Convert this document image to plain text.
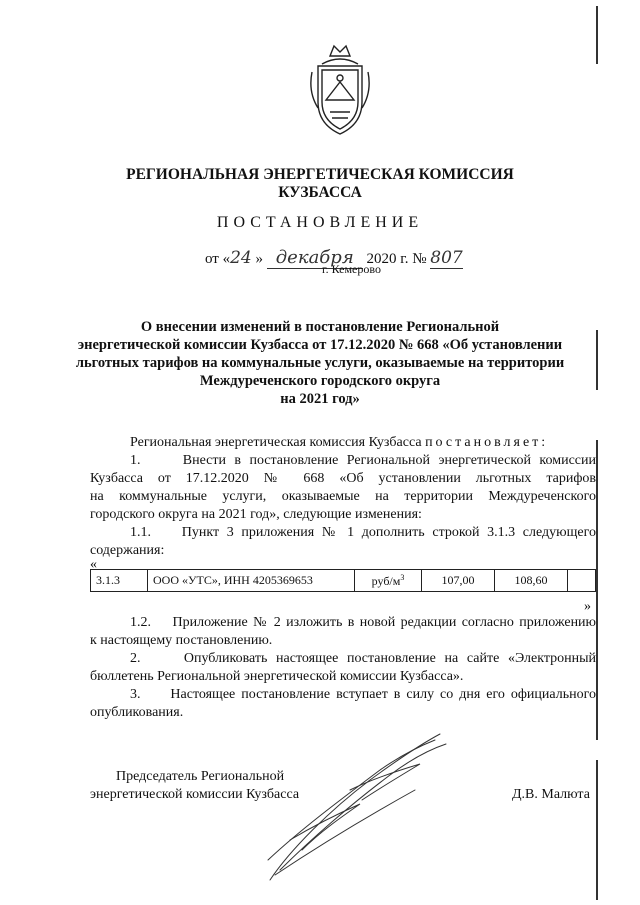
РЕГИОНАЛЬНАЯ ЭНЕРГЕТИЧЕСКАЯ КОМИССИЯ
КУЗБАССА
ПОСТАНОВЛЕНИЕ
от «24 » декабря 2020 г. № 807
г. Кемерово
О внесении изменений в постановление Региональной
энергетической комиссии Кузбасса от 17.12.2020 № 668 «Об установлении
льготных тарифов на коммунальные услуги, оказываемые на территории
Междуреченского городского округа
на 2021 год»
Региональная энергетическая комиссия Кузбасса постановляет:
1.	Внести в постановление Региональной энергетической комиссии
Кузбасса от 17.12.2020 № 668 «Об установлении льготных тарифов
на коммунальные услуги, оказываемые на территории Междуреченского
городского округа на 2021 год», следующие изменения:
1.1. Пункт 3 приложения № 1 дополнить строкой 3.1.3 следующего
содержания:
«
3.1.3	ООО «УТС», ИНН 4205369653	руб/$м^3$	107,00	108,60	
»
1.2. Приложение № 2 изложить в новой редакции согласно приложению
к настоящему постановлению.
2.	Опубликовать настоящее постановление на сайте «Электронный
бюллетень Региональной энергетической комиссии Кузбасса».
3. Настоящее постановление вступает в силу со дня его официального
опубликования.
Председатель Региональной
энергетической комиссии Кузбасса	Д.В. Малюта
